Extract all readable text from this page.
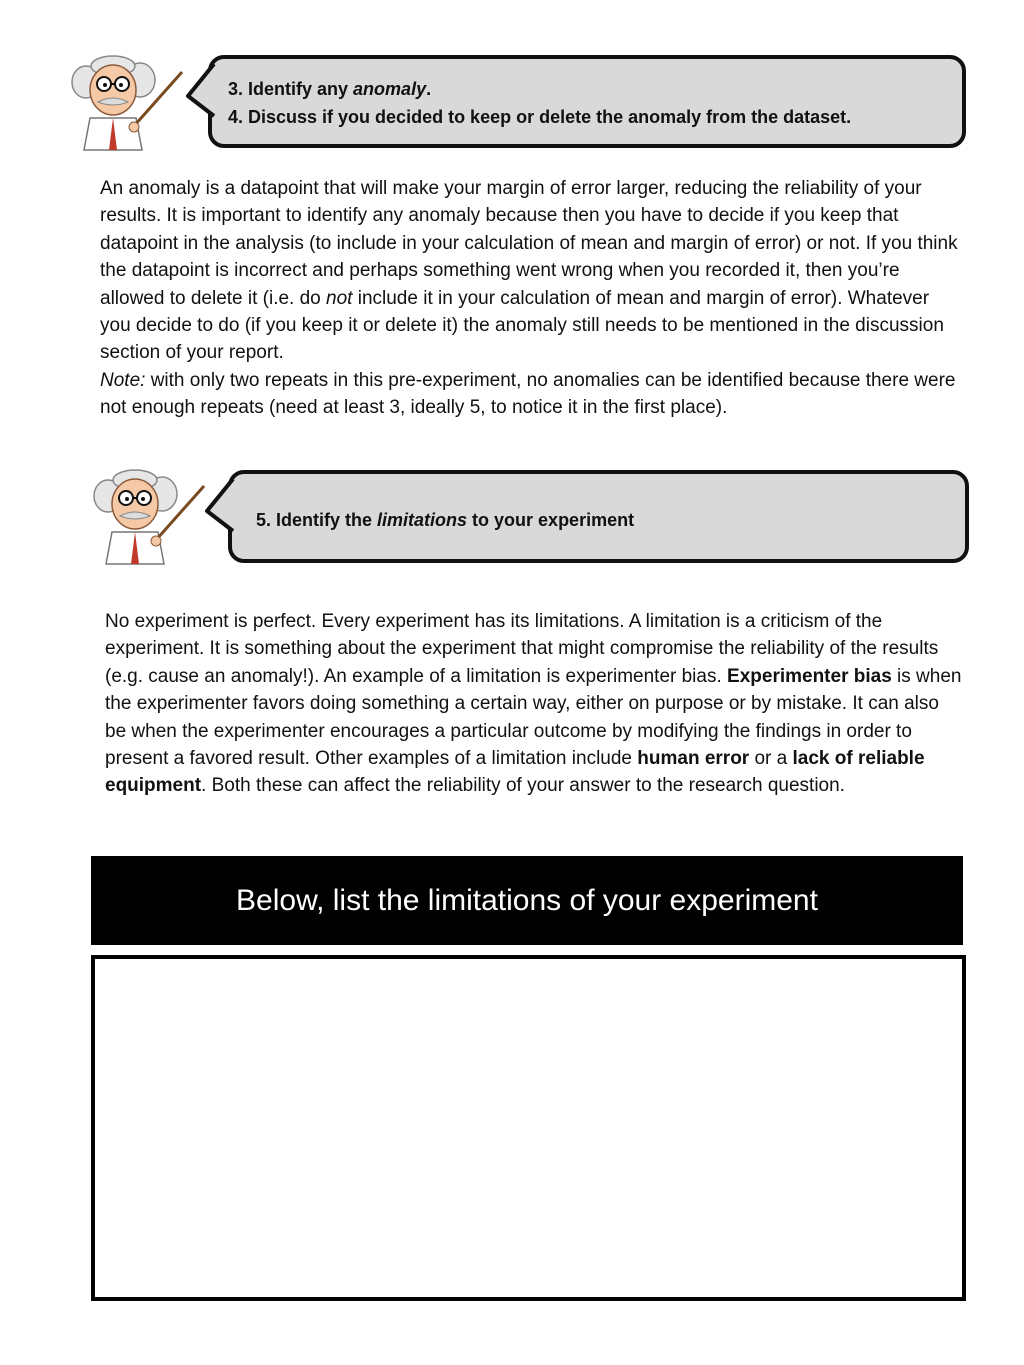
3. Identify any anomaly.
4. Discuss if you decided to keep or delete the anomaly from the dataset.

An anomaly is a datapoint that will make your margin of error larger, reducing the reliability of your results. It is important to identify any anomaly because then you have to decide if you keep that datapoint in the analysis (to include in your calculation of mean and margin of error) or not. If you think the datapoint is incorrect and perhaps something went wrong when you recorded it, then you’re allowed to delete it (i.e. do not include it in your calculation of mean and margin of error). Whatever you decide to do (if you keep it or delete it) the anomaly still needs to be mentioned in the discussion section of your report.

Note: with only two repeats in this pre-experiment, no anomalies can be identified because there were not enough repeats (need at least 3, ideally 5, to notice it in the first place).

5. Identify the limitations to your experiment

No experiment is perfect. Every experiment has its limitations. A limitation is a criticism of the experiment. It is something about the experiment that might compromise the reliability of the results (e.g. cause an anomaly!). An example of a limitation is experimenter bias. Experimenter bias is when the experimenter favors doing something a certain way, either on purpose or by mistake. It can also be when the experimenter encourages a particular outcome by modifying the findings in order to present a favored result. Other examples of a limitation include human error or a lack of reliable equipment. Both these can affect the reliability of your answer to the research question.

Below, list the limitations of your experiment
